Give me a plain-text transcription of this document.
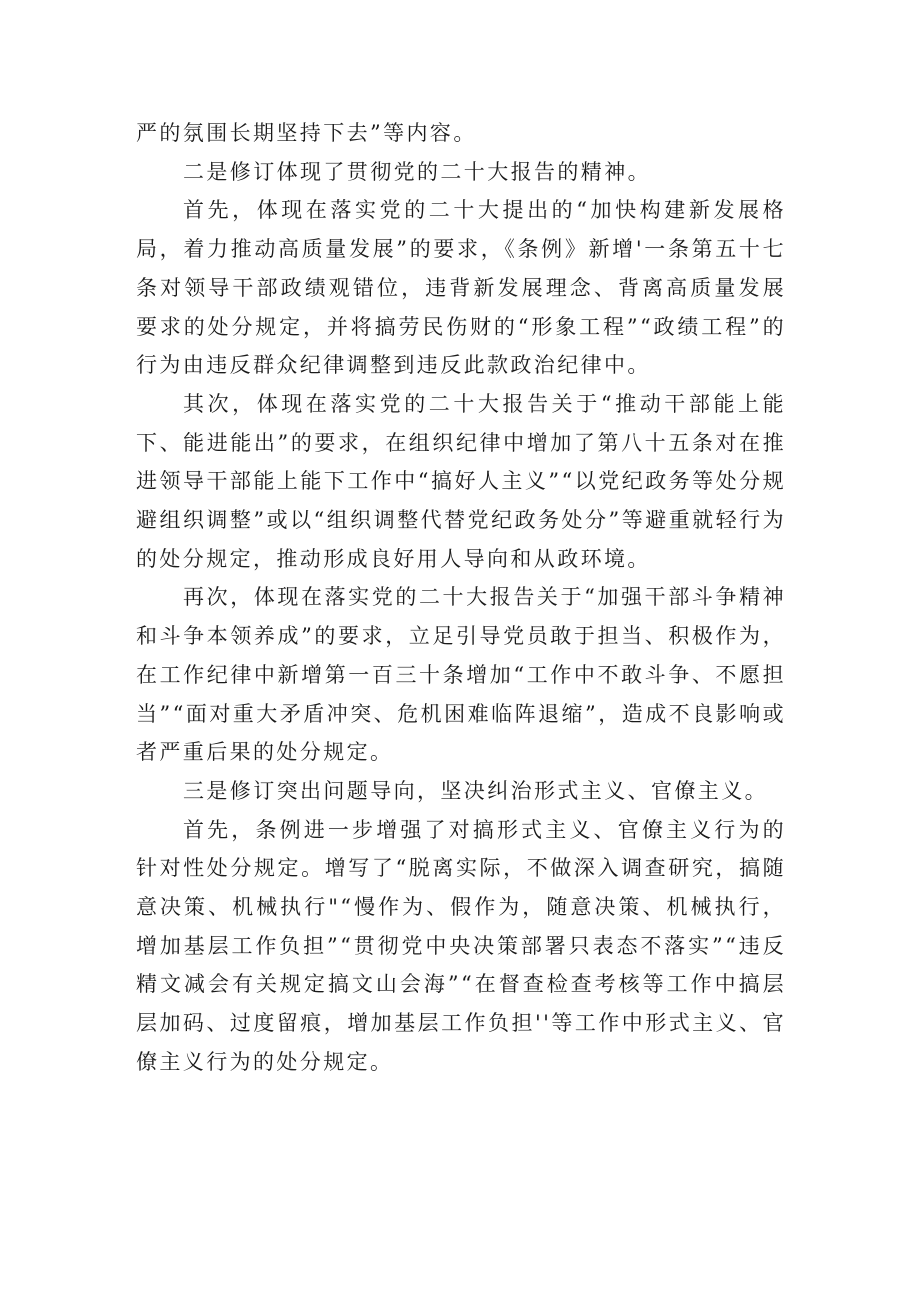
严的氛围长期坚持下去”等内容。

二是修订体现了贯彻党的二十大报告的精神。

首先，体现在落实党的二十大提出的“加快构建新发展格局，着力推动高质量发展”的要求，《条例》新增'一条第五十七条对领导干部政绩观错位，违背新发展理念、背离高质量发展要求的处分规定，并将搞劳民伤财的“形象工程”“政绩工程”的行为由违反群众纪律调整到违反此款政治纪律中。

其次，体现在落实党的二十大报告关于“推动干部能上能下、能进能出”的要求，在组织纪律中增加了第八十五条对在推进领导干部能上能下工作中“搞好人主义”“以党纪政务等处分规避组织调整”或以“组织调整代替党纪政务处分”等避重就轻行为的处分规定，推动形成良好用人导向和从政环境。

再次，体现在落实党的二十大报告关于“加强干部斗争精神和斗争本领养成”的要求，立足引导党员敢于担当、积极作为，在工作纪律中新增第一百三十条增加“工作中不敢斗争、不愿担当”“面对重大矛盾冲突、危机困难临阵退缩”，造成不良影响或者严重后果的处分规定。

三是修订突出问题导向，坚决纠治形式主义、官僚主义。

首先，条例进一步增强了对搞形式主义、官僚主义行为的针对性处分规定。增写了“脱离实际，不做深入调查研究，搞随意决策、机械执行"“慢作为、假作为，随意决策、机械执行，增加基层工作负担”“贯彻党中央决策部署只表态不落实”“违反精文减会有关规定搞文山会海”“在督查检查考核等工作中搞层层加码、过度留痕，增加基层工作负担''等工作中形式主义、官僚主义行为的处分规定。
